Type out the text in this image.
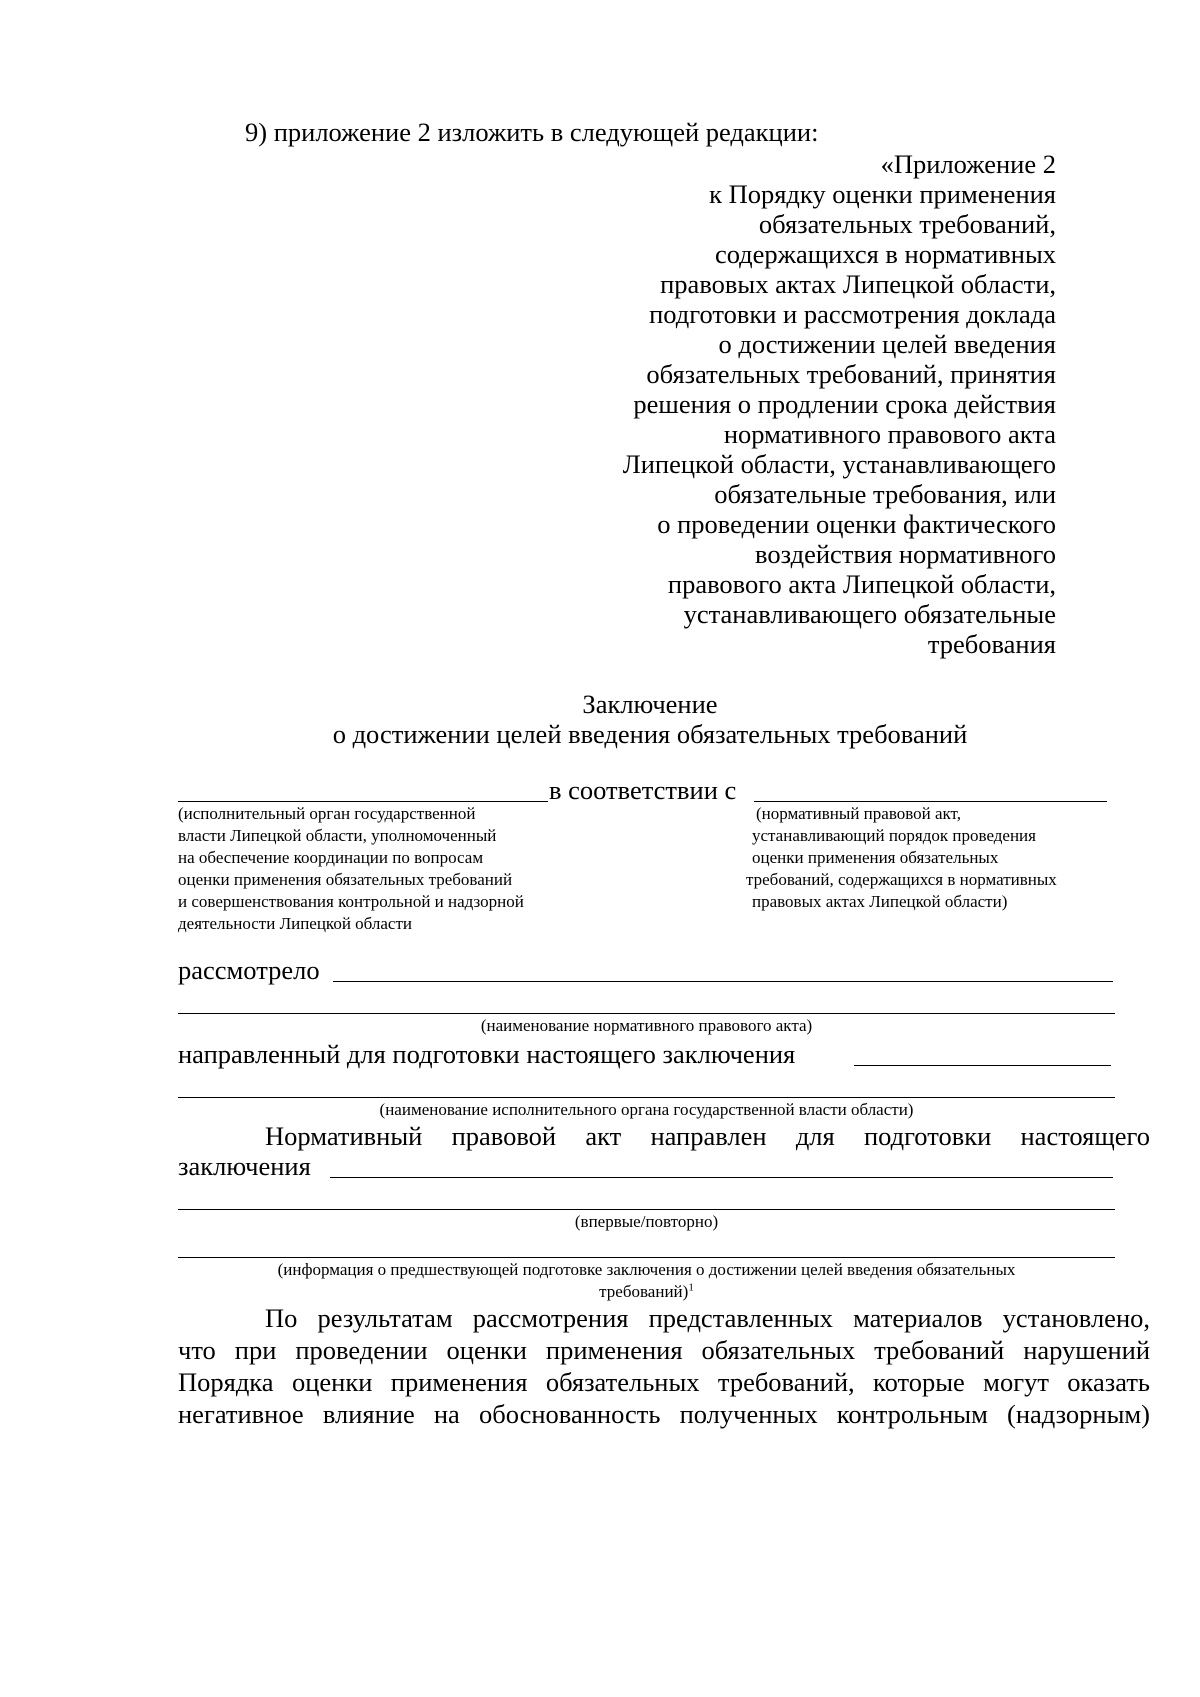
9) приложение 2 изложить в следующей редакции:
«Приложение 2
к Порядку оценки применения
обязательных требований,
содержащихся в нормативных
правовых актах Липецкой области,
подготовки и рассмотрения доклада
о достижении целей введения
обязательных требований, принятия
решения о продлении срока действия
нормативного правового акта
Липецкой области, устанавливающего
обязательные требования, или
о проведении оценки фактического
воздействия нормативного
правового акта Липецкой области,
устанавливающего обязательные
требования
Заключение
о достижении целей введения обязательных требований
в соответствии с
(исполнительный орган государственной
власти Липецкой области, уполномоченный
на обеспечение координации по вопросам
оценки применения обязательных требований
и совершенствования контрольной и надзорной
деятельности Липецкой области
(нормативный правовой акт,
устанавливающий порядок проведения
оценки применения обязательных
требований, содержащихся в нормативных
правовых актах Липецкой области)
рассмотрело
(наименование нормативного правового акта)
направленный для подготовки настоящего заключения
(наименование исполнительного органа государственной власти области)
Нормативный правовой акт направлен для подготовки настоящего
заключения
(впервые/повторно)
(информация о предшествующей подготовке заключения о достижении целей введения обязательных
требований)$^1$
По результатам рассмотрения представленных материалов установлено,
что при проведении оценки применения обязательных требований нарушений
Порядка оценки применения обязательных требований, которые могут оказать
негативное влияние на обоснованность полученных контрольным (надзорным)
